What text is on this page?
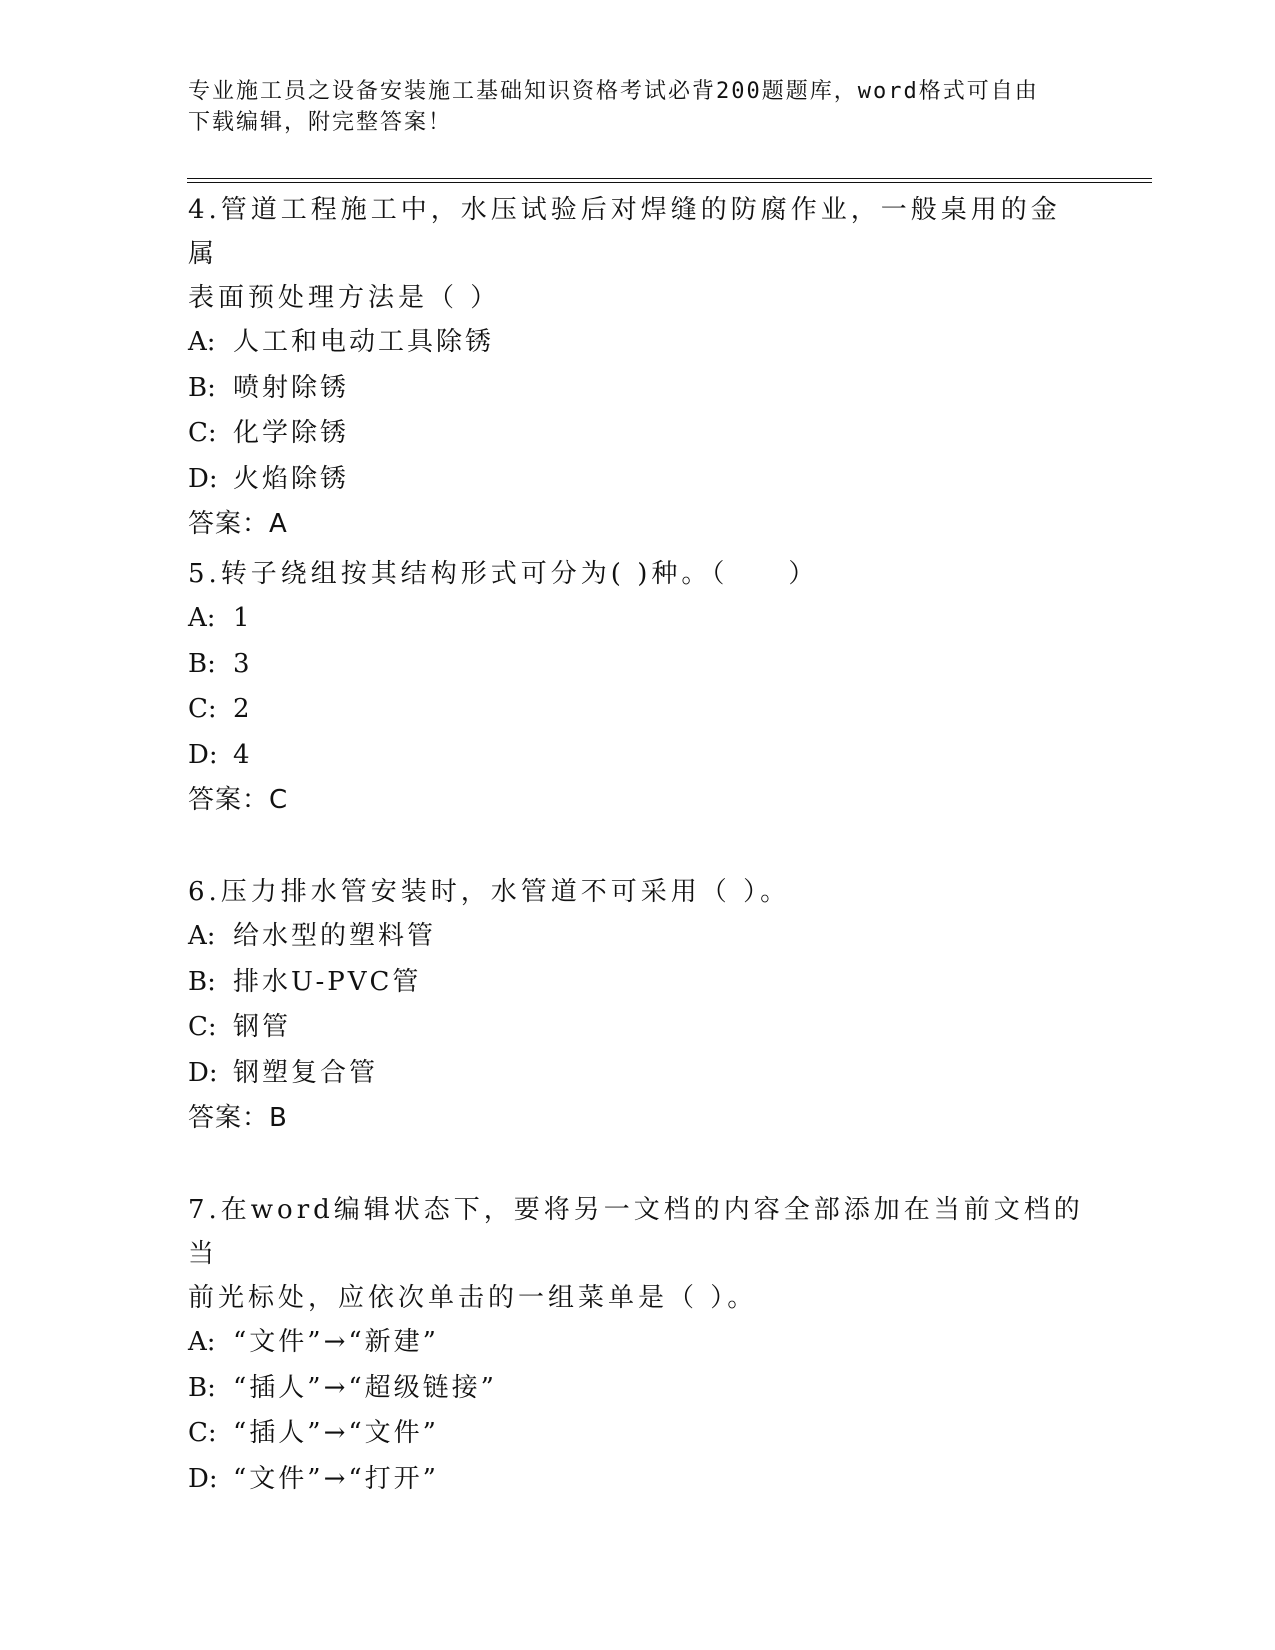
专业施工员之设备安装施工基础知识资格考试必背200题题库，word格式可自由
下载编辑，附完整答案！
4.管道工程施工中，水压试验后对焊缝的防腐作业，一般桌用的金属
表面预处理方法是（ ）
A: 人工和电动工具除锈
B: 喷射除锈
C: 化学除锈
D: 火焰除锈
答案：A
5.转子绕组按其结构形式可分为( )种。（　　）
A: 1
B: 3
C: 2
D: 4
答案：C
6.压力排水管安装时，水管道不可采用（ ）。
A: 给水型的塑料管
B: 排水U-PVC管
C: 钢管
D: 钢塑复合管
答案：B
7.在word编辑状态下，要将另一文档的内容全部添加在当前文档的当
前光标处，应依次单击的一组菜单是（ ）。
A: “文件”→“新建”
B: “插人”→“超级链接”
C: “插人”→“文件”
D: “文件”→“打开”
